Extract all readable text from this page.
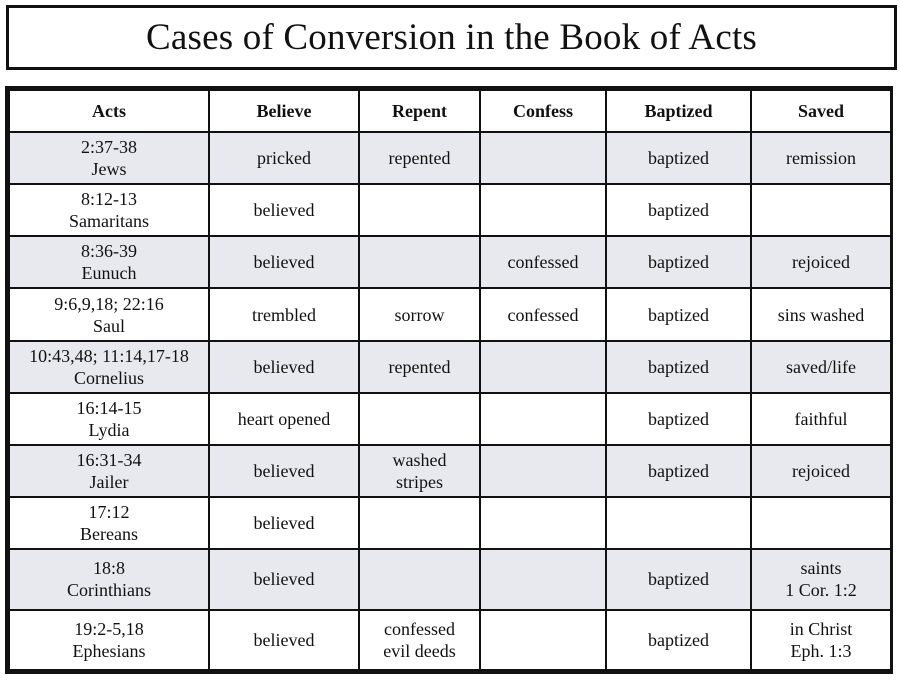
Cases of Conversion in the Book of Acts
Acts	Believe	Repent	Confess	Baptized	Saved

2:37-38
Jews	pricked	repented		baptized	remission

8:12-13
Samaritans	believed			baptized	

8:36-39
Eunuch	believed		confessed	baptized	rejoiced

9:6,9,18; 22:16
Saul	trembled	sorrow	confessed	baptized	sins washed

10:43,48; 11:14,17-18
Cornelius	believed	repented		baptized	saved/life

16:14-15
Lydia	heart opened			baptized	faithful

16:31-34
Jailer	believed	washed
stripes		baptized	rejoiced

17:12
Bereans	believed				

18:8
Corinthians	believed			baptized	saints
1 Cor. 1:2

19:2-5,18
Ephesians	believed	confessed
evil deeds		baptized	in Christ
Eph. 1:3
